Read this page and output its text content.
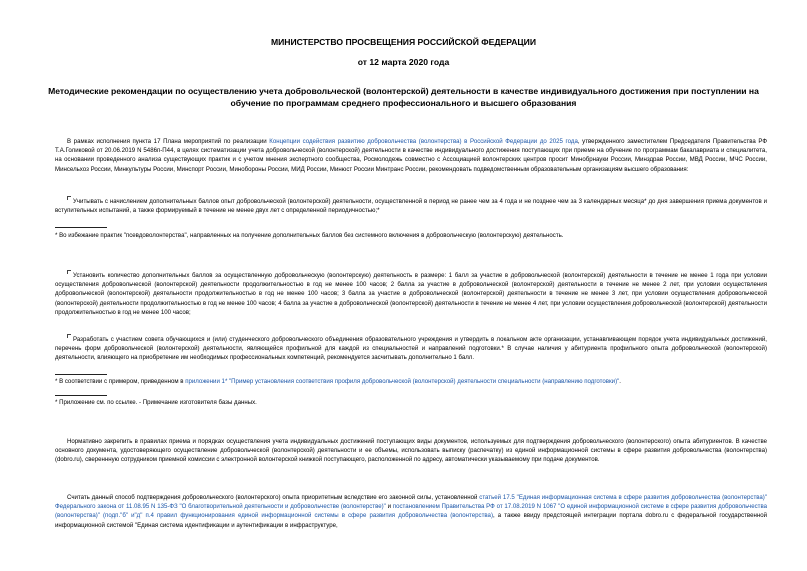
МИНИСТЕРСТВО ПРОСВЕЩЕНИЯ РОССИЙСКОЙ ФЕДЕРАЦИИ
от 12 марта 2020 года
Методические рекомендации по осуществлению учета добровольческой (волонтерской) деятельности в качестве индивидуального достижения при поступлении на обучение по программам среднего профессионального и высшего образования
В рамках исполнения пункта 17 Плана мероприятий по реализации Концепции содействия развитию добровольчества (волонтерства) в Российской Федерации до 2025 года, утвержденного заместителем Председателя Правительства РФ Т.А.Голиковой от 20.06.2019 N 5486п-П44, в целях систематизации учета добровольческой (волонтерской) деятельности в качестве индивидуального достижения поступающих при приеме на обучение по программам бакалавриата и специалитета, на основании проведенного анализа существующих практик и с учетом мнения экспертного сообщества, Росмолодежь совместно с Ассоциацией волонтерских центров просит Минобрнауки России, Минздрав России, МВД России, МЧС России, Минсельхоз России, Минкультуры России, Минспорт России, Минобороны России, МИД России, Минюст России Минтранс России, рекомендовать подведомственным образовательным организациям высшего образования:
Учитывать с начислением дополнительных баллов опыт добровольческой (волонтерской) деятельности, осуществленной в период не ранее чем за 4 года и не позднее чем за 3 календарных месяца* до дня завершения приема документов и вступительных испытаний, а также формируемый в течение не менее двух лет с определенной периодичностью;*
* Во избежание практик "псевдоволонтерства", направленных на получение дополнительных баллов без системного включения в добровольческую (волонтерскую) деятельность.
Установить количество дополнительных баллов за осуществленную добровольческую (волонтерскую) деятельность в размере: 1 балл за участие в добровольческой (волонтерской) деятельности в течение не менее 1 года при условии осуществления добровольческой (волонтерской) деятельности продолжительностью в год не менее 100 часов; 2 балла за участие в добровольческой (волонтерской) деятельности в течение не менее 2 лет, при условии осуществления добровольческой (волонтерской) деятельности продолжительностью в год не менее 100 часов; 3 балла за участие в добровольческой (волонтерской) деятельности в течение не менее 3 лет, при условии осуществления добровольческой (волонтерской) деятельности продолжительностью в год не менее 100 часов; 4 балла за участие в добровольческой (волонтерской) деятельности в течение не менее 4 лет, при условии осуществления добровольческой (волонтерской) деятельности продолжительностью в год не менее 100 часов;
Разработать с участием совета обучающихся и (или) студенческого добровольческого объединения образовательного учреждения и утвердить в локальном акте организации, устанавливающем порядок учета индивидуальных достижений, перечень форм добровольческой (волонтерской) деятельности, являющейся профильной для каждой из специальностей и направлений подготовки.* В случае наличия у абитуриента профильного опыта добровольческой (волонтерской) деятельности, влияющего на приобретение им необходимых профессиональных компетенций, рекомендуется засчитывать дополнительно 1 балл.
* В соответствии с примером, приведенном в приложении 1* "Пример установления соответствия профиля добровольческой (волонтерской) деятельности специальности (направлению подготовки)".
* Приложение см. по ссылке. - Примечание изготовителя базы данных.
Нормативно закрепить в правилах приема и порядках осуществления учета индивидуальных достижений поступающих виды документов, используемых для подтверждения добровольческого (волонтерского) опыта абитуриентов. В качестве основного документа, удостоверяющего осуществление добровольческой (волонтерской) деятельности и ее объемы, использовать выписку (распечатку) из единой информационной системы в сфере развития добровольчества (волонтерства) (dobro.ru), свереннную сотрудником приемной комиссии с электронной волонтерской книжкой поступающего, расположенной по адресу, автоматически указываемому при подаче документов.
Считать данный способ подтверждения добровольческого (волонтерского) опыта приоритетным вследствие его законной силы, установленной статьей 17.5 "Единая информационная система в сфере развития добровольчества (волонтерства)" Федерального закона от 11.08.95 N 135-ФЗ "О благотворительной деятельности и добровольчестве (волонтерстве)" и постановлением Правительства РФ от 17.08.2019 N 1067 "О единой информационной системе в сфере развития добровольчества (волонтерства)" (подп."б" и"д" п.4 правил функционирования единой информационной системы в сфере развития добровольчества (волонтерства), а также ввиду предстоящей интеграции портала dobro.ru с федеральной государственной информационной системой "Единая система идентификации и аутентификации в инфраструктуре,
